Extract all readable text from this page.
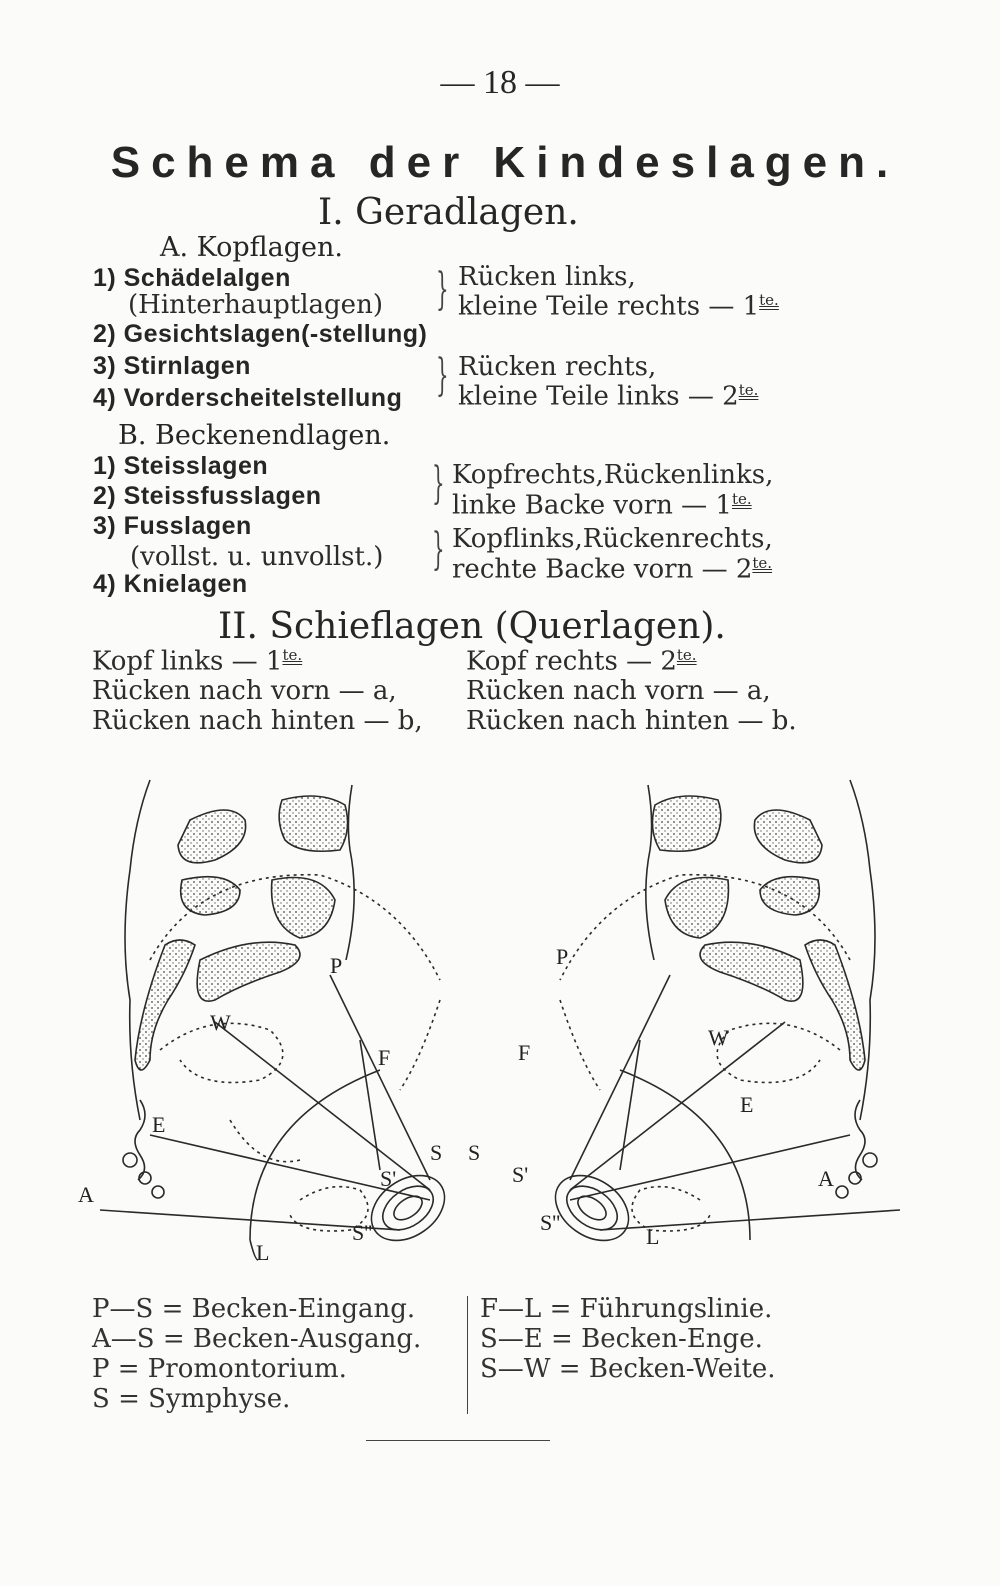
— 18 —
Schema der Kindeslagen.
I. Geradlagen.
A. Kopflagen.
1) Schädelalgen
(Hinterhauptlagen)
2) Gesichtslagen(-stellung)
3) Stirnlagen
4) Vorderscheitelstellung
}
}
Rücken links,
kleine Teile rechts — $1^{te.}$
Rücken rechts,
kleine Teile links — $2^{te.}$
B. Beckenendlagen.
1) Steisslagen
2) Steissfusslagen
3) Fusslagen
(vollst. u. unvollst.)
4) Knielagen
}
}
Kopfrechts,Rückenlinks,
linke Backe vorn — $1^{te.}$
Kopflinks,Rückenrechts,
rechte Backe vorn — $2^{te.}$
II. Schieflagen (Querlagen).
Kopf links — $1^{te.}$
Rücken nach vorn — a,
Rücken nach hinten — b,
Kopf rechts — $2^{te.}$
Rücken nach vorn — a,
Rücken nach hinten — b.
P
W
F
E
A
S
S'
S''
L
P
W
F
E
A
S
S'
S''
L
P—S = Becken-Eingang.
A—S = Becken-Ausgang.
P = Promontorium.
S = Symphyse.
F—L = Führungslinie.
S—E = Becken-Enge.
S—W = Becken-Weite.
